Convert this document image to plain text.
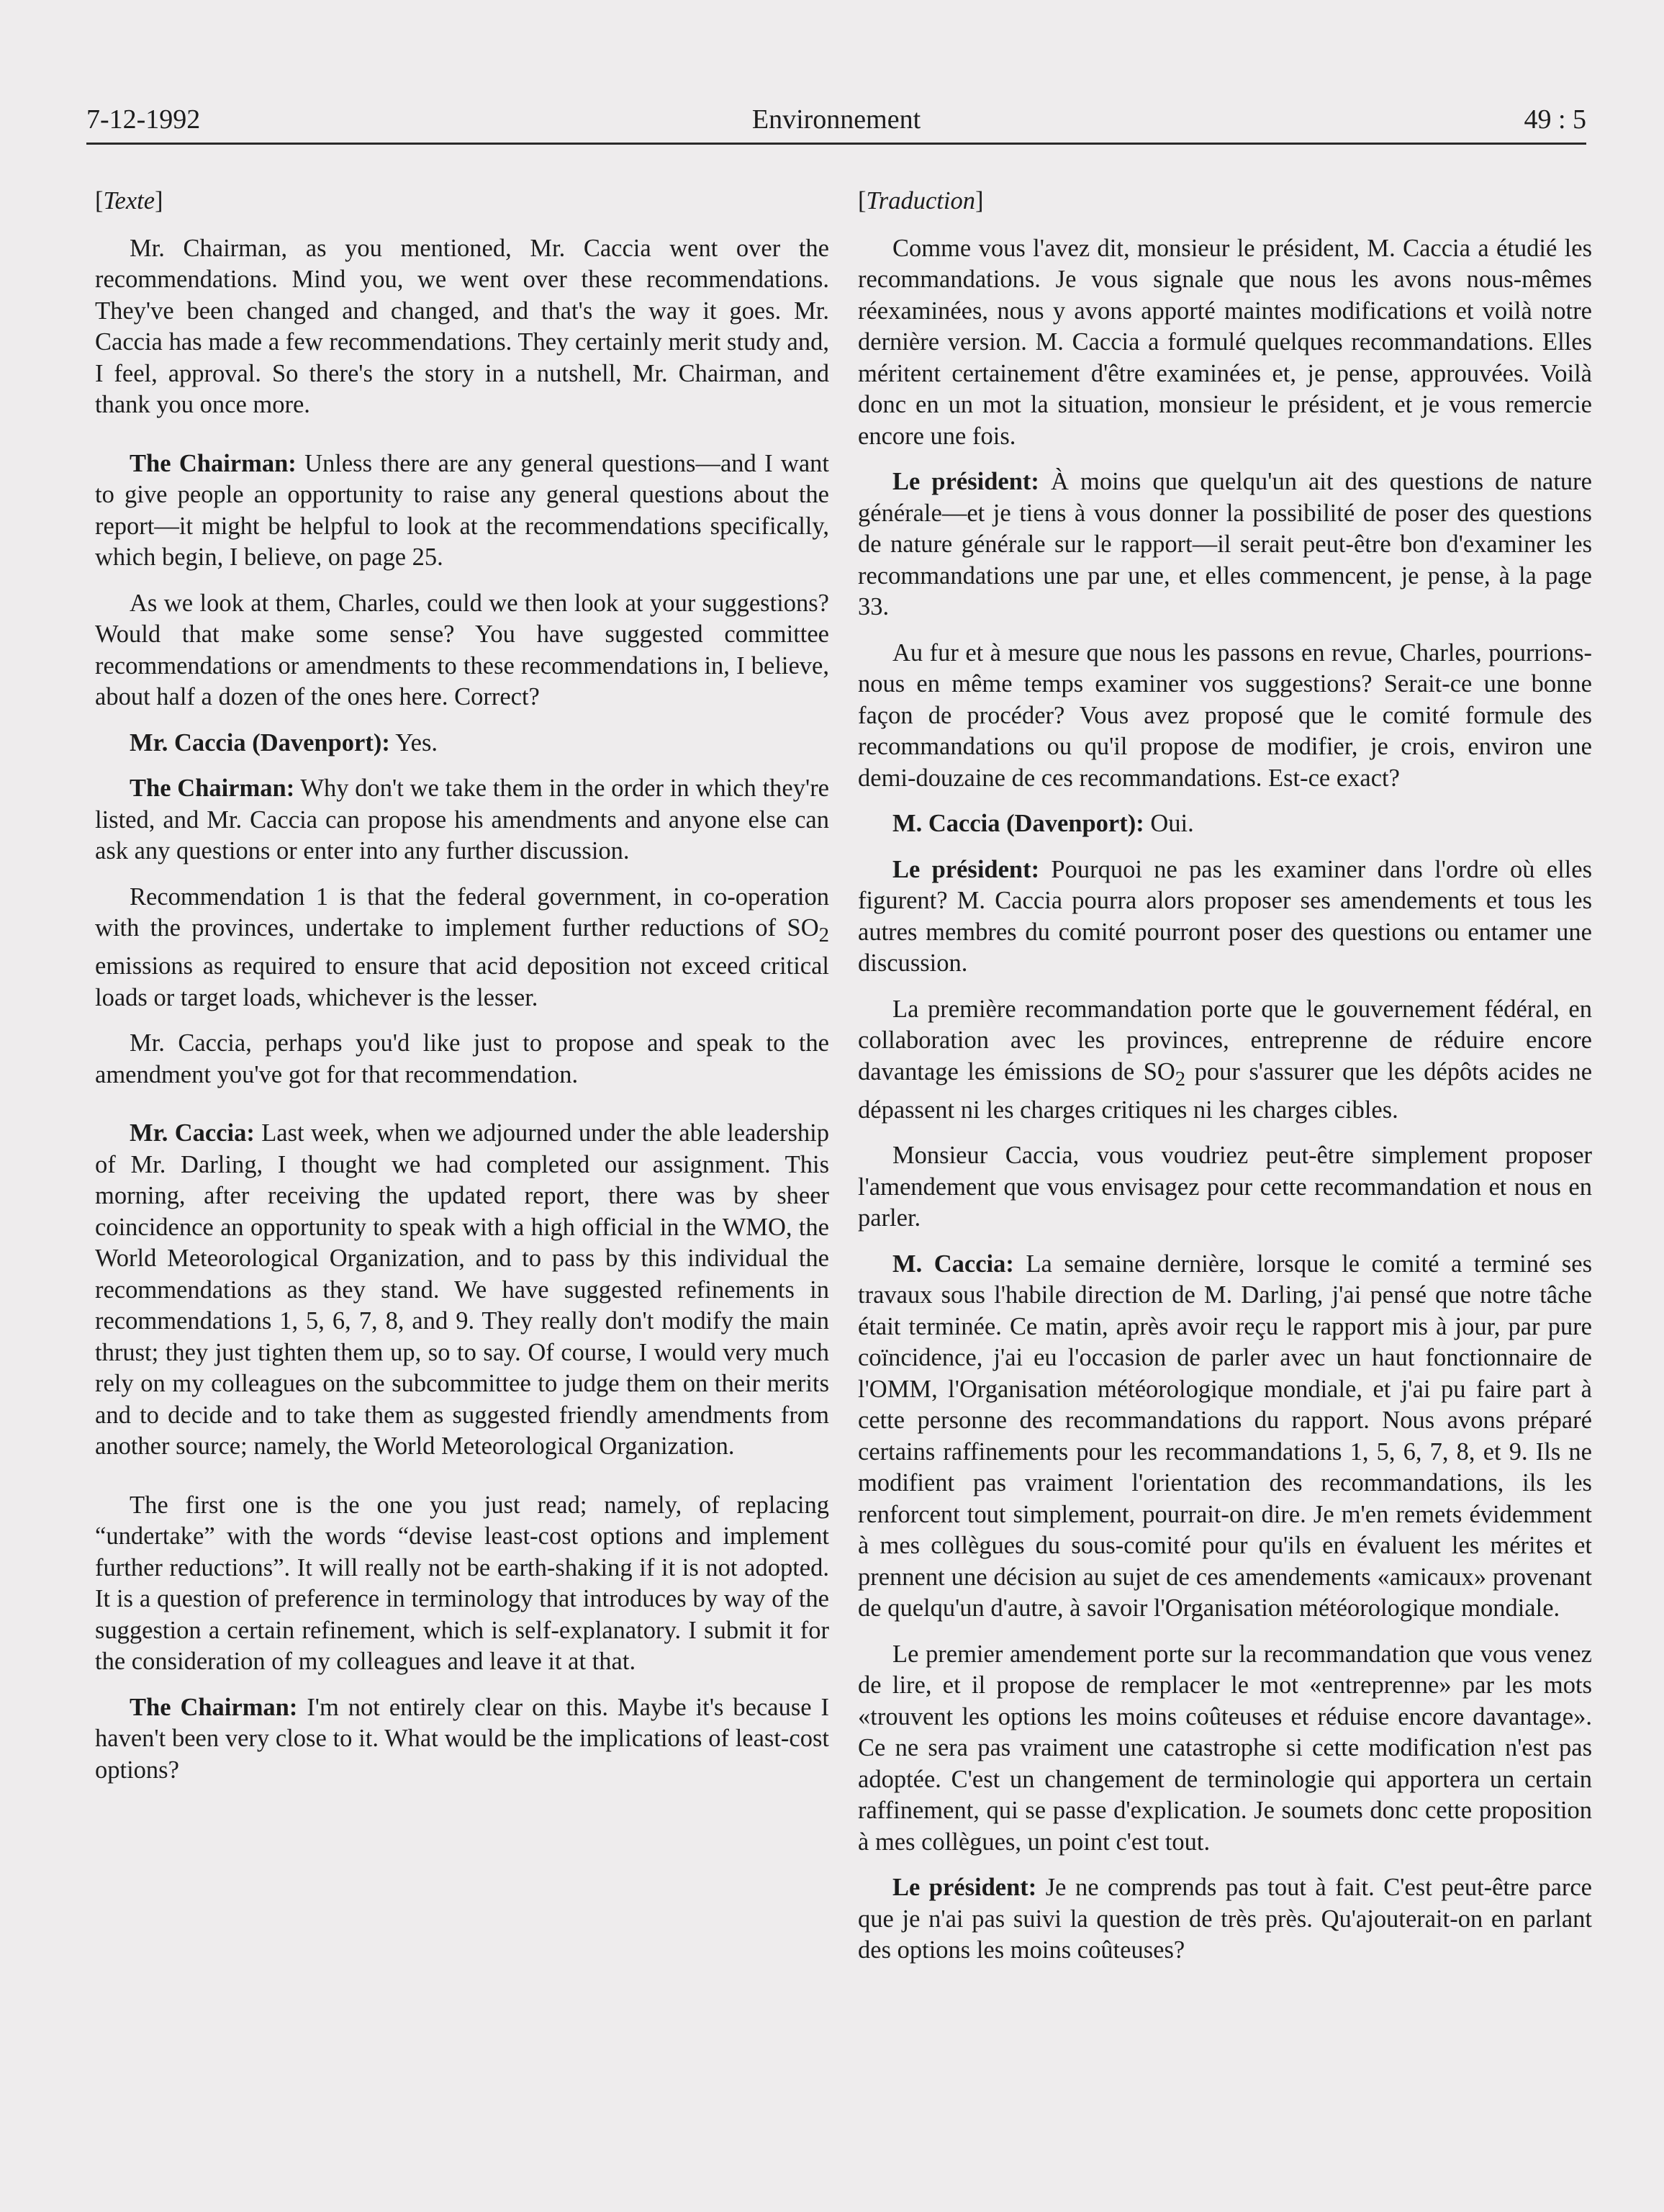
7-12-1992	Environnement	49 : 5

[Texte]

Mr. Chairman, as you mentioned, Mr. Caccia went over the recommendations. Mind you, we went over these recommendations. They've been changed and changed, and that's the way it goes. Mr. Caccia has made a few recommendations. They certainly merit study and, I feel, approval. So there's the story in a nutshell, Mr. Chairman, and thank you once more.

The Chairman: Unless there are any general questions—and I want to give people an opportunity to raise any general questions about the report—it might be helpful to look at the recommendations specifically, which begin, I believe, on page 25.

As we look at them, Charles, could we then look at your suggestions? Would that make some sense? You have suggested committee recommendations or amendments to these recommendations in, I believe, about half a dozen of the ones here. Correct?

Mr. Caccia (Davenport): Yes.

The Chairman: Why don't we take them in the order in which they're listed, and Mr. Caccia can propose his amendments and anyone else can ask any questions or enter into any further discussion.

Recommendation 1 is that the federal government, in co-operation with the provinces, undertake to implement further reductions of $SO_2$ emissions as required to ensure that acid deposition not exceed critical loads or target loads, whichever is the lesser.

Mr. Caccia, perhaps you'd like just to propose and speak to the amendment you've got for that recommendation.

Mr. Caccia: Last week, when we adjourned under the able leadership of Mr. Darling, I thought we had completed our assignment. This morning, after receiving the updated report, there was by sheer coincidence an opportunity to speak with a high official in the WMO, the World Meteorological Organization, and to pass by this individual the recommendations as they stand. We have suggested refinements in recommendations 1, 5, 6, 7, 8, and 9. They really don't modify the main thrust; they just tighten them up, so to say. Of course, I would very much rely on my colleagues on the subcommittee to judge them on their merits and to decide and to take them as suggested friendly amendments from another source; namely, the World Meteorological Organization.

The first one is the one you just read; namely, of replacing “undertake” with the words “devise least-cost options and implement further reductions”. It will really not be earth-shaking if it is not adopted. It is a question of preference in terminology that introduces by way of the suggestion a certain refinement, which is self-explanatory. I submit it for the consideration of my colleagues and leave it at that.

The Chairman: I'm not entirely clear on this. Maybe it's because I haven't been very close to it. What would be the implications of least-cost options?

[Traduction]

Comme vous l'avez dit, monsieur le président, M. Caccia a étudié les recommandations. Je vous signale que nous les avons nous-mêmes réexaminées, nous y avons apporté maintes modifications et voilà notre dernière version. M. Caccia a formulé quelques recommandations. Elles méritent certainement d'être examinées et, je pense, approuvées. Voilà donc en un mot la situation, monsieur le président, et je vous remercie encore une fois.

Le président: À moins que quelqu'un ait des questions de nature générale—et je tiens à vous donner la possibilité de poser des questions de nature générale sur le rapport—il serait peut-être bon d'examiner les recommandations une par une, et elles commencent, je pense, à la page 33.

Au fur et à mesure que nous les passons en revue, Charles, pourrions-nous en même temps examiner vos suggestions? Serait-ce une bonne façon de procéder? Vous avez proposé que le comité formule des recommandations ou qu'il propose de modifier, je crois, environ une demi-douzaine de ces recommandations. Est-ce exact?

M. Caccia (Davenport): Oui.

Le président: Pourquoi ne pas les examiner dans l'ordre où elles figurent? M. Caccia pourra alors proposer ses amendements et tous les autres membres du comité pourront poser des questions ou entamer une discussion.

La première recommandation porte que le gouvernement fédéral, en collaboration avec les provinces, entreprenne de réduire encore davantage les émissions de $SO_2$ pour s'assurer que les dépôts acides ne dépassent ni les charges critiques ni les charges cibles.

Monsieur Caccia, vous voudriez peut-être simplement proposer l'amendement que vous envisagez pour cette recommandation et nous en parler.

M. Caccia: La semaine dernière, lorsque le comité a terminé ses travaux sous l'habile direction de M. Darling, j'ai pensé que notre tâche était terminée. Ce matin, après avoir reçu le rapport mis à jour, par pure coïncidence, j'ai eu l'occasion de parler avec un haut fonctionnaire de l'OMM, l'Organisation météorologique mondiale, et j'ai pu faire part à cette personne des recommandations du rapport. Nous avons préparé certains raffinements pour les recommandations 1, 5, 6, 7, 8, et 9. Ils ne modifient pas vraiment l'orientation des recommandations, ils les renforcent tout simplement, pourrait-on dire. Je m'en remets évidemment à mes collègues du sous-comité pour qu'ils en évaluent les mérites et prennent une décision au sujet de ces amendements «amicaux» provenant de quelqu'un d'autre, à savoir l'Organisation météorologique mondiale.

Le premier amendement porte sur la recommandation que vous venez de lire, et il propose de remplacer le mot «entreprenne» par les mots «trouvent les options les moins coûteuses et réduise encore davantage». Ce ne sera pas vraiment une catastrophe si cette modification n'est pas adoptée. C'est un changement de terminologie qui apportera un certain raffinement, qui se passe d'explication. Je soumets donc cette proposition à mes collègues, un point c'est tout.

Le président: Je ne comprends pas tout à fait. C'est peut-être parce que je n'ai pas suivi la question de très près. Qu'ajouterait-on en parlant des options les moins coûteuses?
